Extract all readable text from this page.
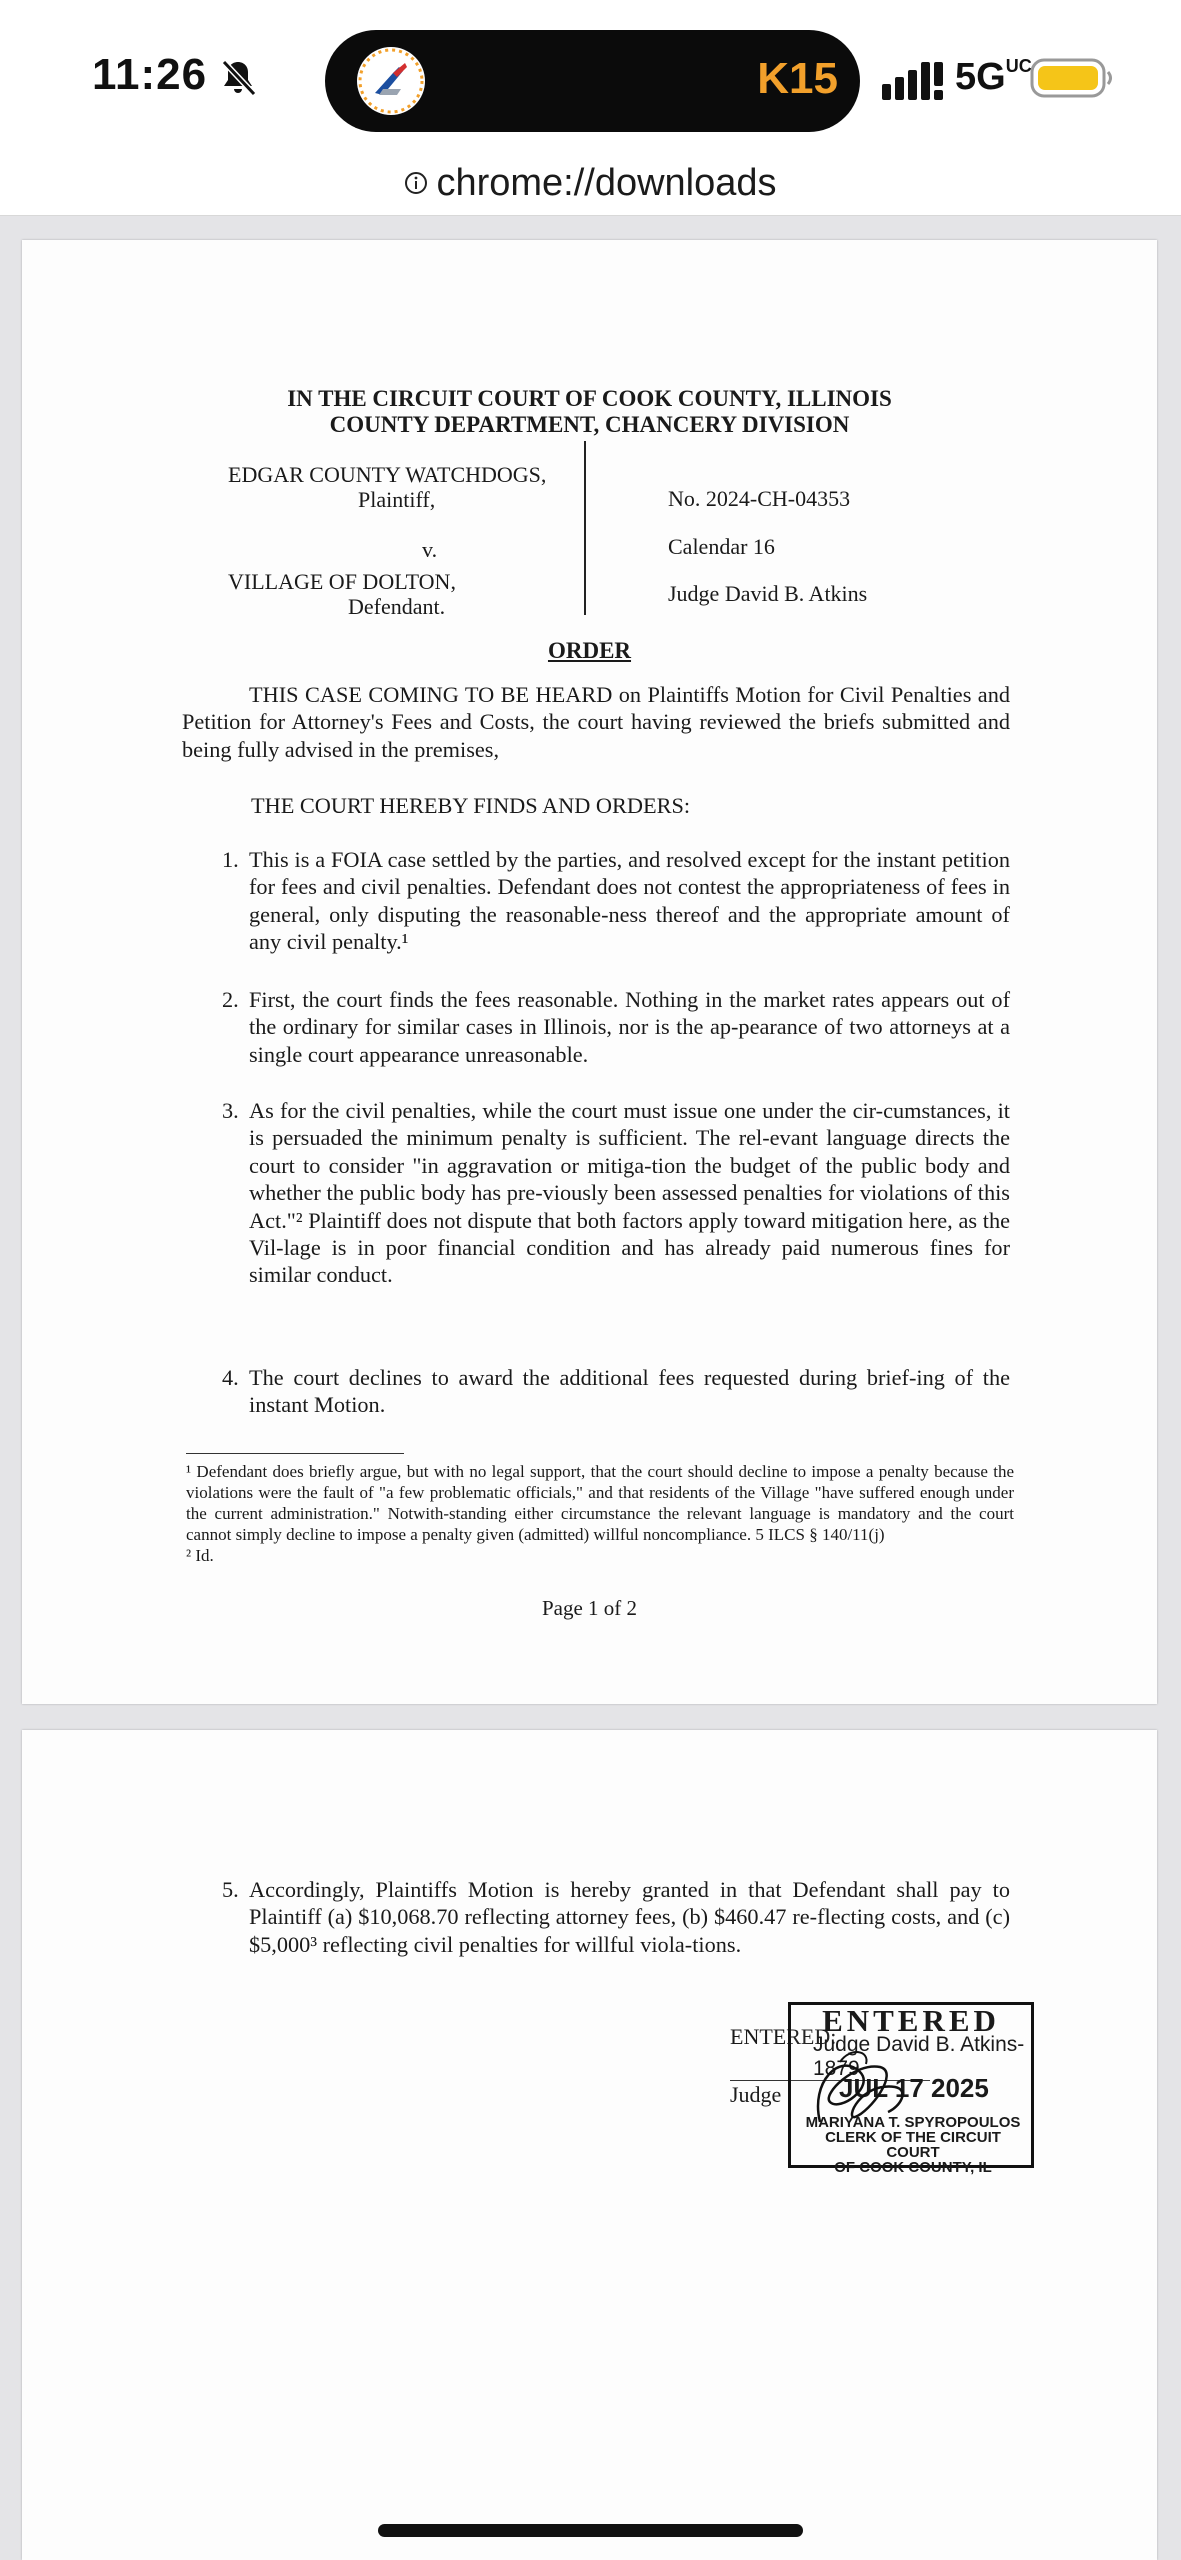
11:26	K15	$5G^{UC}$
chrome://downloads
IN THE CIRCUIT COURT OF COOK COUNTY, ILLINOIS
COUNTY DEPARTMENT, CHANCERY DIVISION
EDGAR COUNTY WATCHDOGS,
Plaintiff,
v.
VILLAGE OF DOLTON,
Defendant.
No. 2024-CH-04353
Calendar 16
Judge David B. Atkins
ORDER
THIS CASE COMING TO BE HEARD on Plaintiffs Motion for Civil Penalties and Petition for Attorney's Fees and Costs, the court having reviewed the briefs submitted and being fully advised in the premises,
THE COURT HEREBY FINDS AND ORDERS:
1. This is a FOIA case settled by the parties, and resolved except for the instant petition for fees and civil penalties. Defendant does not contest the appropriateness of fees in general, only disputing the reasonable-ness thereof and the appropriate amount of any civil penalty.¹
2. First, the court finds the fees reasonable. Nothing in the market rates appears out of the ordinary for similar cases in Illinois, nor is the ap-pearance of two attorneys at a single court appearance unreasonable.
3. As for the civil penalties, while the court must issue one under the cir-cumstances, it is persuaded the minimum penalty is sufficient. The rel-evant language directs the court to consider "in aggravation or mitiga-tion the budget of the public body and whether the public body has pre-viously been assessed penalties for violations of this Act."² Plaintiff does not dispute that both factors apply toward mitigation here, as the Vil-lage is in poor financial condition and has already paid numerous fines for similar conduct.
4. The court declines to award the additional fees requested during brief-ing of the instant Motion.
¹ Defendant does briefly argue, but with no legal support, that the court should decline to impose a penalty because the violations were the fault of "a few problematic officials," and that residents of the Village "have suffered enough under the current administration." Notwith-standing either circumstance the relevant language is mandatory and the court cannot simply decline to impose a penalty given (admitted) willful noncompliance. 5 ILCS § 140/11(j)
² Id.
Page 1 of 2
5. Accordingly, Plaintiffs Motion is hereby granted in that Defendant shall pay to Plaintiff (a) $10,068.70 reflecting attorney fees, (b) $460.47 re-flecting costs, and (c) $5,000³ reflecting civil penalties for willful viola-tions.
ENTERED:
Judge
ENTERED
Judge David B. Atkins-1879
JUL 17 2025
MARIYANA T. SPYROPOULOS
CLERK OF THE CIRCUIT COURT
OF COOK COUNTY, IL
